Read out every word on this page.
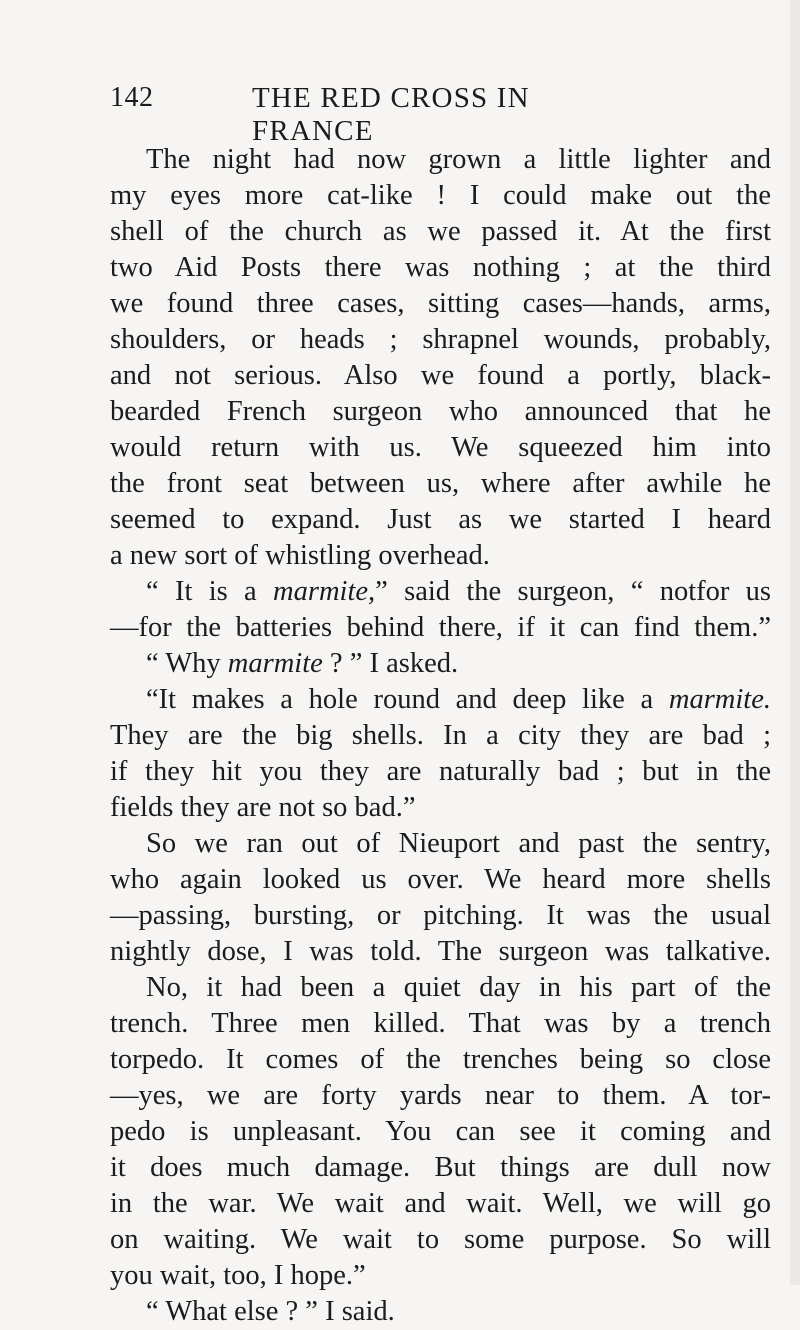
142	THE RED CROSS IN FRANCE
The night had now grown a little lighter and
my eyes more cat-like ! I could make out the
shell of the church as we passed it. At the first
two Aid Posts there was nothing ; at the third
we found three cases, sitting cases—hands, arms,
shoulders, or heads ; shrapnel wounds, probably,
and not serious. Also we found a portly, black-
bearded French surgeon who announced that he
would return with us. We squeezed him into
the front seat between us, where after awhile he
seemed to expand. Just as we started I heard
a new sort of whistling overhead.
“ It is a marmite,” said the surgeon, “ notfor us
—for the batteries behind there, if it can find them.”
“ Why marmite ? ” I asked.
“It makes a hole round and deep like a marmite.
They are the big shells. In a city they are bad ;
if they hit you they are naturally bad ; but in the
fields they are not so bad.”
So we ran out of Nieuport and past the sentry,
who again looked us over. We heard more shells
—passing, bursting, or pitching. It was the usual
nightly dose, I was told. The surgeon was talkative.
No, it had been a quiet day in his part of the
trench. Three men killed. That was by a trench
torpedo. It comes of the trenches being so close
—yes, we are forty yards near to them. A tor-
pedo is unpleasant. You can see it coming and
it does much damage. But things are dull now
in the war. We wait and wait. Well, we will go
on waiting. We wait to some purpose. So will
you wait, too, I hope.”
“ What else ? ” I said.
